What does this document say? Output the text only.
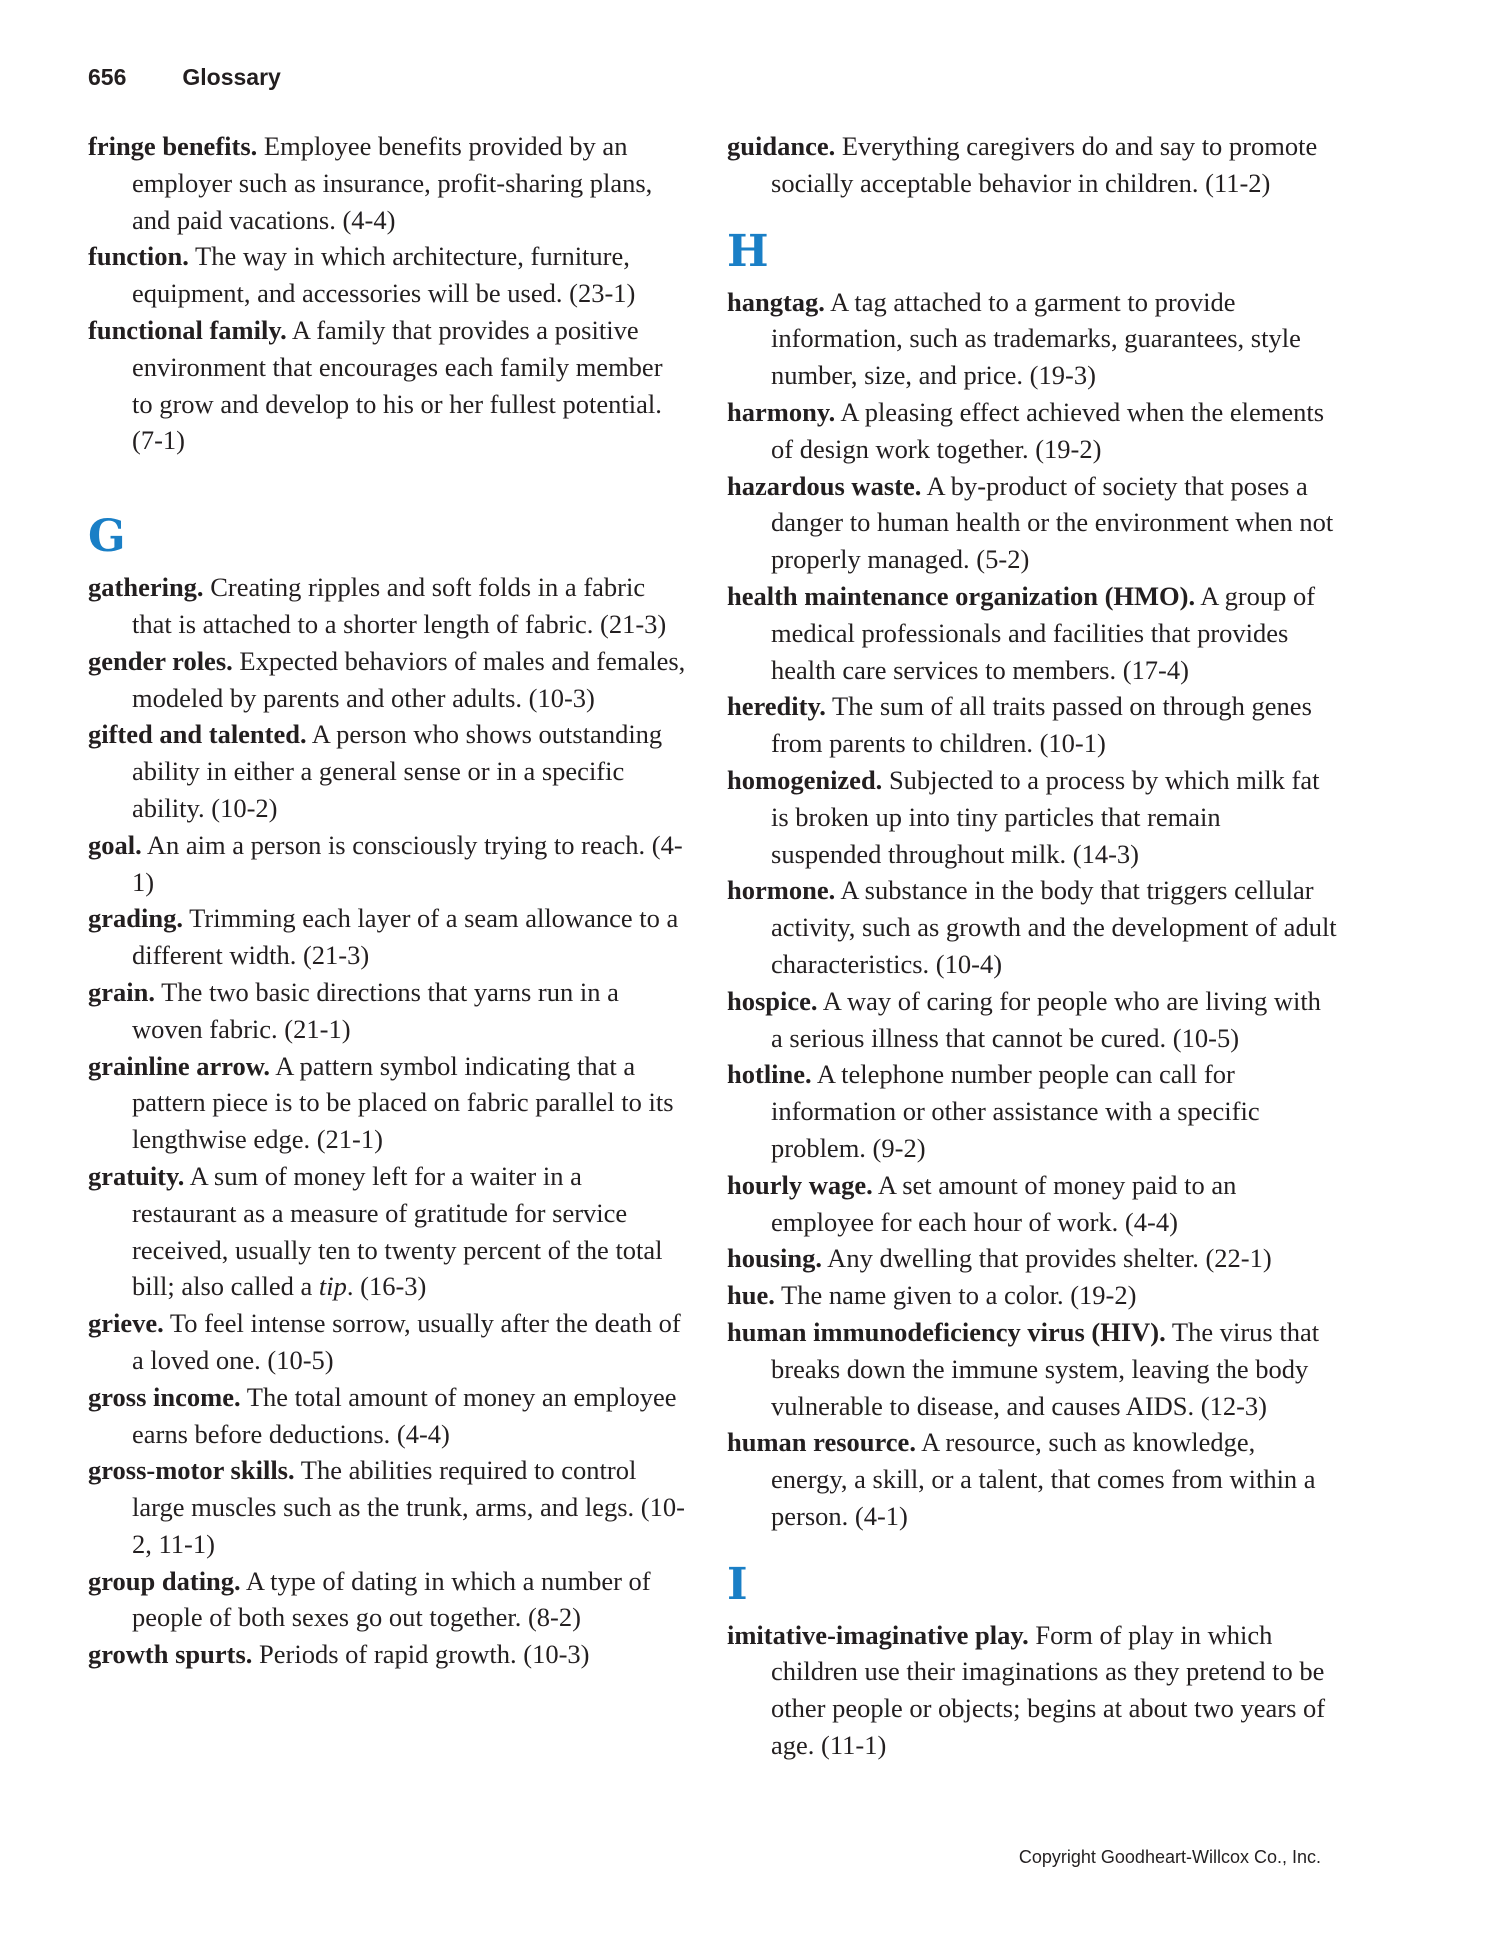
656 Glossary

fringe benefits. Employee benefits provided by an employer such as insurance, profit-sharing plans, and paid vacations. (4-4)

function. The way in which architecture, furniture, equipment, and accessories will be used. (23-1)

functional family. A family that provides a positive environment that encourages each family member to grow and develop to his or her fullest potential. (7-1)

G

gathering. Creating ripples and soft folds in a fabric that is attached to a shorter length of fabric. (21-3)

gender roles. Expected behaviors of males and females, modeled by parents and other adults. (10-3)

gifted and talented. A person who shows outstanding ability in either a general sense or in a specific ability. (10-2)

goal. An aim a person is consciously trying to reach. (4-1)

grading. Trimming each layer of a seam allowance to a different width. (21-3)

grain. The two basic directions that yarns run in a woven fabric. (21-1)

grainline arrow. A pattern symbol indicating that a pattern piece is to be placed on fabric parallel to its lengthwise edge. (21-1)

gratuity. A sum of money left for a waiter in a restaurant as a measure of gratitude for service received, usually ten to twenty percent of the total bill; also called a tip. (16-3)

grieve. To feel intense sorrow, usually after the death of a loved one. (10-5)

gross income. The total amount of money an employee earns before deductions. (4-4)

gross-motor skills. The abilities required to control large muscles such as the trunk, arms, and legs. (10-2, 11-1)

group dating. A type of dating in which a number of people of both sexes go out together. (8-2)

growth spurts. Periods of rapid growth. (10-3)

guidance. Everything caregivers do and say to promote socially acceptable behavior in children. (11-2)

H

hangtag. A tag attached to a garment to provide information, such as trademarks, guarantees, style number, size, and price. (19-3)

harmony. A pleasing effect achieved when the elements of design work together. (19-2)

hazardous waste. A by-product of society that poses a danger to human health or the environment when not properly managed. (5-2)

health maintenance organization (HMO). A group of medical professionals and facilities that provides health care services to members. (17-4)

heredity. The sum of all traits passed on through genes from parents to children. (10-1)

homogenized. Subjected to a process by which milk fat is broken up into tiny particles that remain suspended throughout milk. (14-3)

hormone. A substance in the body that triggers cellular activity, such as growth and the development of adult characteristics. (10-4)

hospice. A way of caring for people who are living with a serious illness that cannot be cured. (10-5)

hotline. A telephone number people can call for information or other assistance with a specific problem. (9-2)

hourly wage. A set amount of money paid to an employee for each hour of work. (4-4)

housing. Any dwelling that provides shelter. (22-1)

hue. The name given to a color. (19-2)

human immunodeficiency virus (HIV). The virus that breaks down the immune system, leaving the body vulnerable to disease, and causes AIDS. (12-3)

human resource. A resource, such as knowledge, energy, a skill, or a talent, that comes from within a person. (4-1)

I

imitative-imaginative play. Form of play in which children use their imaginations as they pretend to be other people or objects; begins at about two years of age. (11-1)

Copyright Goodheart-Willcox Co., Inc.
